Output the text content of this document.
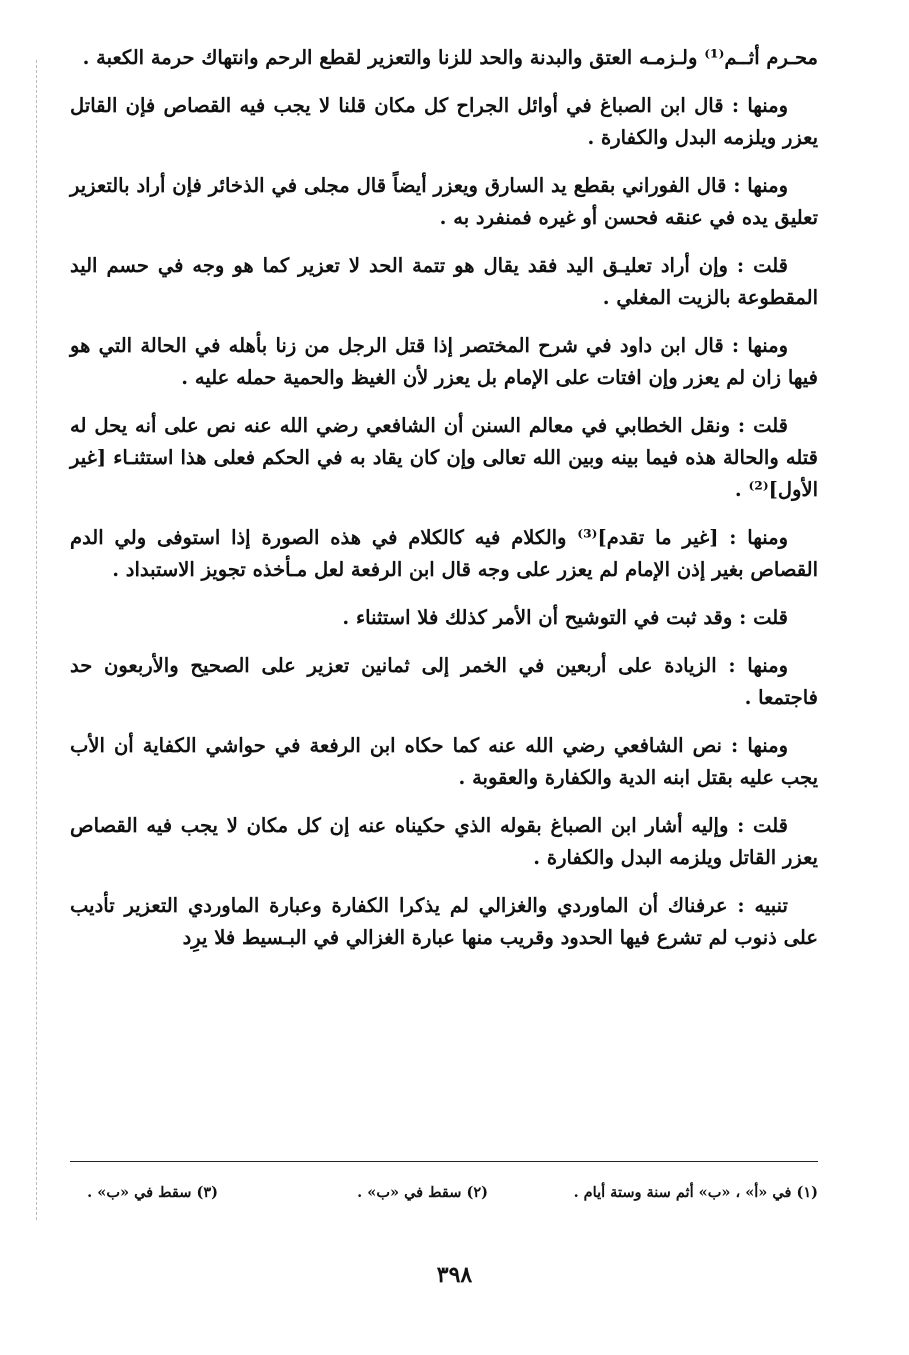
محـرم أثــم⁽¹⁾ ولـزمـه العتق والبدنة والحد للزنا والتعزير لقطع الرحم وانتهاك حرمة الكعبة .

ومنها : قال ابن الصباغ في أوائل الجراح كل مكان قلنا لا يجب فيه القصاص فإن القاتل يعزر ويلزمه البدل والكفارة .

ومنها : قال الفوراني بقطع يد السارق ويعزر أيضاً قال مجلى في الذخائر فإن أراد بالتعزير تعليق يده في عنقه فحسن أو غيره فمنفرد به .

قلت : وإن أراد تعليـق اليد فقد يقال هو تتمة الحد لا تعزير كما هو وجه في حسم اليد المقطوعة بالزيت المغلي .

ومنها : قال ابن داود في شرح المختصر إذا قتل الرجل من زنا بأهله في الحالة التي هو فيها زان لم يعزر وإن افتات على الإمام بل يعزر لأن الغيظ والحمية حمله عليه .

قلت : ونقل الخطابي في معالم السنن أن الشافعي رضي الله عنه نص على أنه يحل له قتله والحالة هذه فيما بينه وبين الله تعالى وإن كان يقاد به في الحكم فعلى هذا استثنـاء [غير الأول]⁽²⁾ .

ومنها : [غير ما تقدم]⁽³⁾ والكلام فيه كالكلام في هذه الصورة إذا استوفى ولي الدم القصاص بغير إذن الإمام لم يعزر على وجه قال ابن الرفعة لعل مـأخذه تجويز الاستبداد .

قلت : وقد ثبت في التوشيح أن الأمر كذلك فلا استثناء .

ومنها : الزيادة على أربعين في الخمر إلى ثمانين تعزير على الصحيح والأربعون حد فاجتمعا .

ومنها : نص الشافعي رضي الله عنه كما حكاه ابن الرفعة في حواشي الكفاية أن الأب يجب عليه بقتل ابنه الدية والكفارة والعقوبة .

قلت : وإليه أشار ابن الصباغ بقوله الذي حكيناه عنه إن كل مكان لا يجب فيه القصاص يعزر القاتل ويلزمه البدل والكفارة .

تنبيه : عرفناك أن الماوردي والغزالي لم يذكرا الكفارة وعبارة الماوردي التعزير تأديب على ذنوب لم تشرع فيها الحدود وقريب منها عبارة الغزالي في البـسيط فلا يرِد

(١) في «أ» ، «ب» أثم سنة وستة أيام .
(٢) سقط في «ب» .
(٣) سقط في «ب» .
٣٩٨
